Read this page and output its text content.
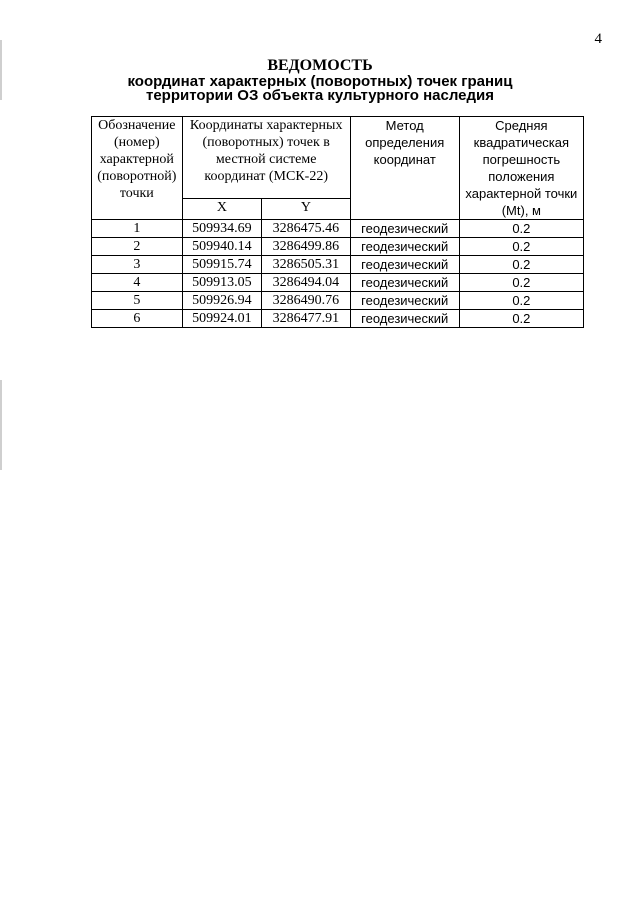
4
ВЕДОМОСТЬ
координат характерных (поворотных) точек границ
территории ОЗ объекта культурного наследия
Обозначение (номер) характерной (поворотной) точки	Координаты характерных (поворотных) точек в местной системе координат (МСК-22)		Метод определения координат	Средняя квадратическая погрешность положения характерной точки (Mt), м
	X	Y		
1	509934.69	3286475.46	геодезический	0.2
2	509940.14	3286499.86	геодезический	0.2
3	509915.74	3286505.31	геодезический	0.2
4	509913.05	3286494.04	геодезический	0.2
5	509926.94	3286490.76	геодезический	0.2
6	509924.01	3286477.91	геодезический	0.2
